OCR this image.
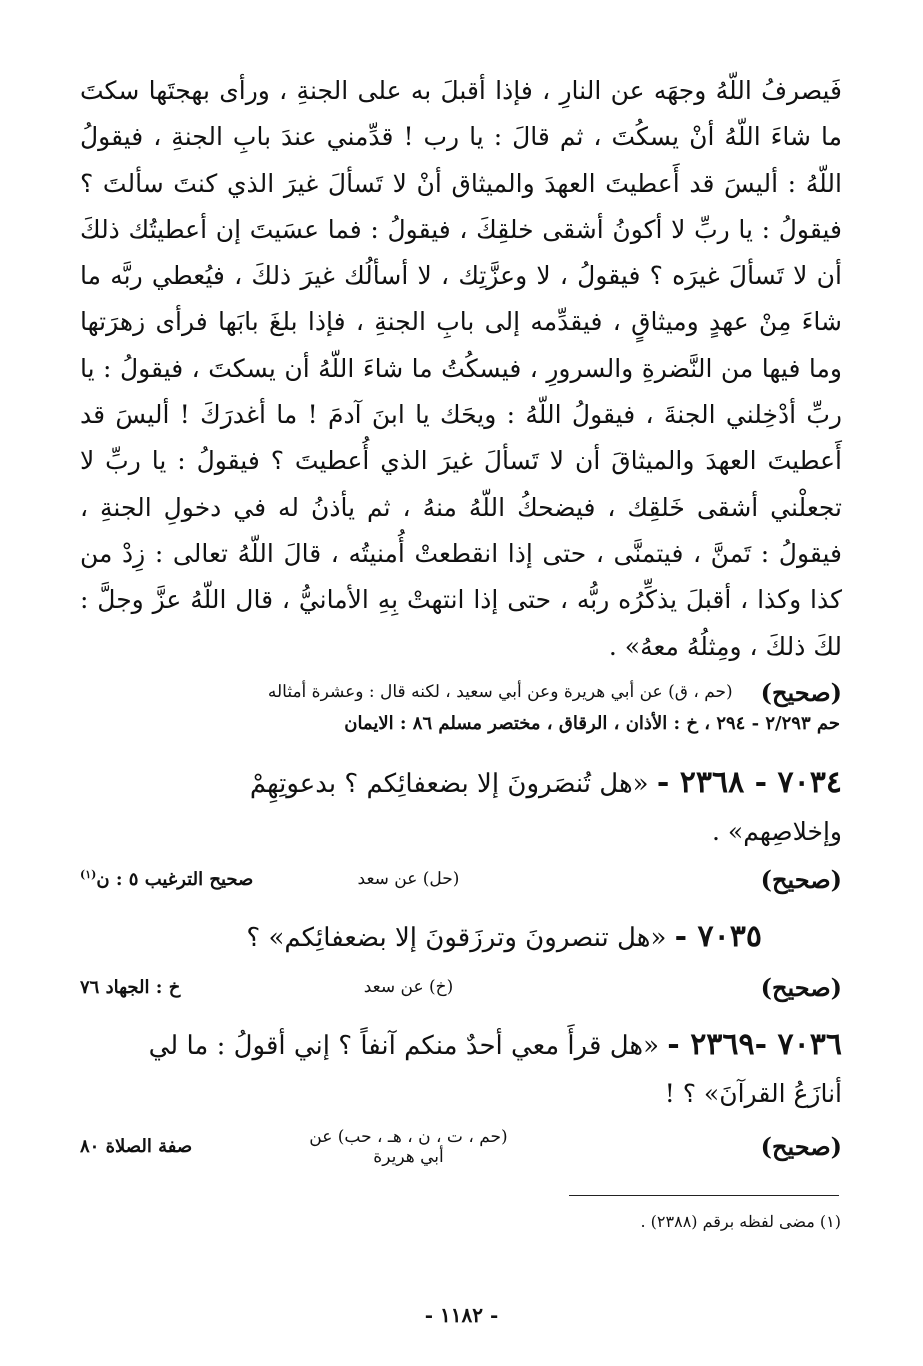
فَيصرفُ اللّهُ وجهَه عن النارِ ، فإذا أقبلَ به على الجنةِ ، ورأى بهجتَها سكتَ ما شاءَ اللّهُ أنْ يسكُتَ ، ثم قالَ : يا رب ! قدِّمني عندَ بابِ الجنةِ ، فيقولُ اللّهُ : أليسَ قد أَعطيتَ العهدَ والميثاق أنْ لا تَسألَ غيرَ الذي كنتَ سألتَ ؟ فيقولُ : يا ربِّ لا أكونُ أشقى خلقِكَ ، فيقولُ : فما عسَيتَ إن أعطيتُك ذلكَ أن لا تَسألَ غيرَه ؟ فيقولُ ، لا وعزَّتِك ، لا أسألُك غيرَ ذلكَ ، فيُعطي ربَّه ما شاءَ مِنْ عهدٍ وميثاقٍ ، فيقدِّمه إلى بابِ الجنةِ ، فإذا بلغَ بابَها فرأى زهرَتها وما فيها من النَّضرةِ والسرورِ ، فيسكُتُ ما شاءَ اللّهُ أن يسكتَ ، فيقولُ : يا ربِّ أدْخِلني الجنةَ ، فيقولُ اللّهُ : ويحَك يا ابنَ آدمَ ! ما أغدرَكَ ! أليسَ قد أَعطيتَ العهدَ والميثاقَ أن لا تَسألَ غيرَ الذي أُعطيتَ ؟ فيقولُ : يا ربِّ لا تجعلْني أشقى خَلقِك ، فيضحكُ اللّهُ منهُ ، ثم يأذنُ له في دخولِ الجنةِ ، فيقولُ : تَمنَّ ، فيتمنَّى ، حتى إذا انقطعتْ أُمنيتُه ، قالَ اللّهُ تعالى : زِدْ من كذا وكذا ، أقبلَ يذكِّرُه ربُّه ، حتى إذا انتهتْ بِهِ الأمانيُّ ، قال اللّهُ عزَّ وجلَّ : لكَ ذلكَ ، ومِثلُهُ معهُ» .

(صحيح)
(حم ، ق) عن أبي هريرة وعن أبي سعيد ، لكنه قال : وعشرة أمثاله
حم ٢/٢٩٣ - ٢٩٤ ، خ : الأذان ، الرقاق ، مختصر مسلم ٨٦ : الايمان
٧٠٣٤ - ٢٣٦٨ - «هل تُنصَرونَ إلا بضعفائِكم ؟ بدعوتِهِمْ
وإخلاصِهم» .
(صحيح)
(حل) عن سعد
صحيح الترغيب ٥ : ن$^{(١)}$
٧٠٣٥ - «هل تنصرونَ وترزَقونَ إلا بضعفائِكم» ؟
(صحيح)
(خ) عن سعد
خ : الجهاد ٧٦
٧٠٣٦ -٢٣٦٩ - «هل قرأَ معي أحدٌ منكم آنفاً ؟ إني أقولُ : ما لي
أنازَعُ القرآنَ» ؟ !
(صحيح)
(حم ، ت ، ن ، هـ ، حب) عن أبي هريرة
صفة الصلاة ٨٠
(١) مضى لفظه برقم (٢٣٨٨) .
- ١١٨٢ -
